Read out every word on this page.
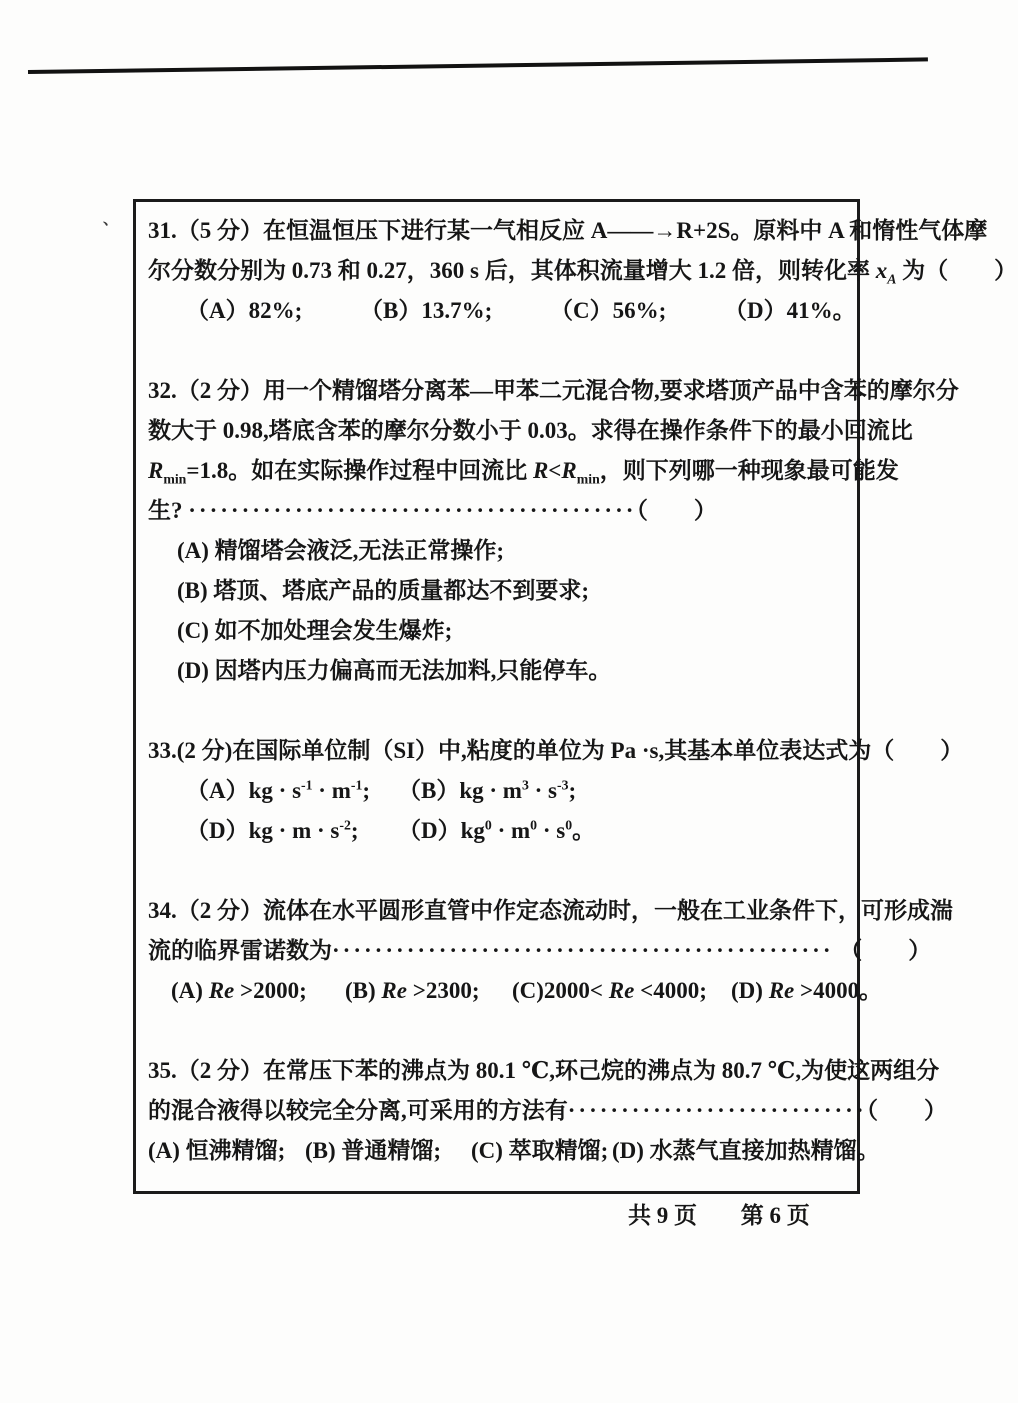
、 31.（5 分）在恒温恒压下进行某一气相反应 A——→R+2S。原料中 A 和惰性气体摩
尔分数分别为 0.73 和 0.27，360 s 后，其体积流量增大 1.2 倍，则转化率 $x_A$ 为（　　）
（A）82%;	（B）13.7%;	（C）56%;	（D）41%。
32.（2 分）用一个精馏塔分离苯—甲苯二元混合物,要求塔顶产品中含苯的摩尔分
数大于 0.98,塔底含苯的摩尔分数小于 0.03。求得在操作条件下的最小回流比
$R_{min}=1.8$。如在实际操作过程中回流比 $R<R_{min}$，则下列哪一种现象最可能发
生? ··········································（　　）
(A) 精馏塔会液泛,无法正常操作;
(B) 塔顶、塔底产品的质量都达不到要求;
(C) 如不加处理会发生爆炸;
(D) 因塔内压力偏高而无法加料,只能停车。
33.(2 分)在国际单位制（SI）中,粘度的单位为 Pa ·s,其基本单位表达式为（　　）
$(A)kg \cdot s^{-1} \cdot m^{-1}$; $(B)kg \cdot m^3 \cdot s^{-3}$;
$(D)kg \cdot m \cdot s^{-2}$; $(D)kg^0 \cdot m^0 \cdot s^0$。
34.（2 分）流体在水平圆形直管中作定态流动时，一般在工业条件下，可形成湍
流的临界雷诺数为··············································· （　　）
(A) Re >2000; (B) Re >2300; (C)2000< Re <4000; (D) Re >4000。
35.（2 分）在常压下苯的沸点为 80.1 ℃,环己烷的沸点为 80.7 ℃,为使这两组分
的混合液得以较完全分离,可采用的方法有····························（　　）
(A) 恒沸精馏; (B) 普通精馏; (C) 萃取精馏; (D) 水蒸气直接加热精馏。
共 9 页 第 6 页
